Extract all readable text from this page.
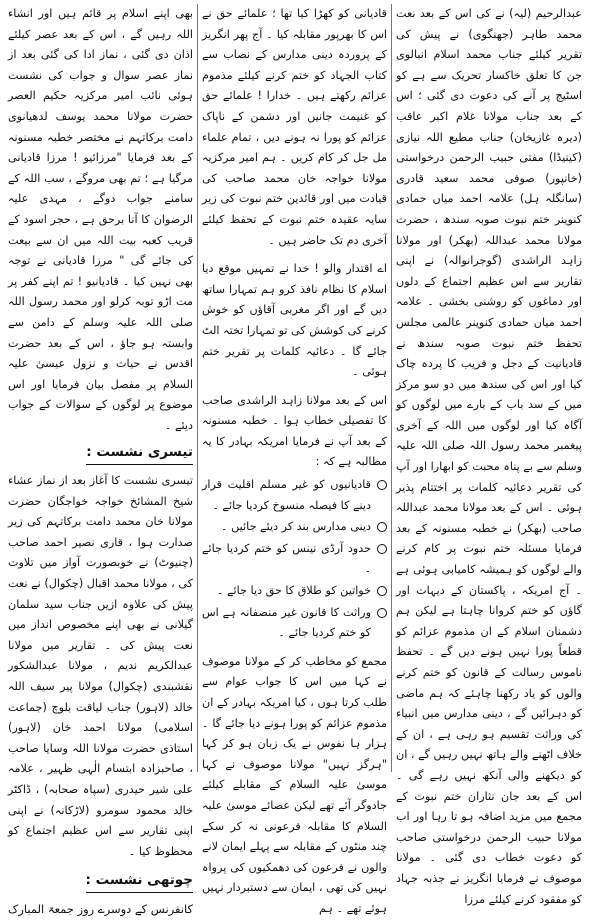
عبدالرحیم (لیہ) نے کی اس کے بعد نعت محمد طاہر (جھنگوی) نے پیش کی تقریر کیلئے جناب محمد اسلام انبالوی جن کا تعلق خاکسار تحریک سے ہے کو اسٹیج پر آنے کی دعوت دی گئی ؛ اس کے بعد جناب مولانا غلام اکبر عاقب (دیرہ غازیخان) جناب مطیع اللہ نیازی (کینیڈا) مفتی حبیب الرحمن درخواستی (خانپور) صوفی محمد سعید قادری (سانگلہ ہل) علامہ احمد میاں حمادی کنوینر ختم نبوت صوبہ سندھ ، حضرت مولانا محمد عبداللہ (بھکر) اور مولانا زاہد الراشدی (گوجرانوالہ) نے اپنی تقاریر سے اس عظیم اجتماع کے دلوں اور دماغوں کو روشنی بخشی ۔ علامہ احمد میاں حمادی کنوینر عالمی مجلس تحفظ ختم نبوت صوبہ سندھ نے قادیانیت کے دجل و فریب کا پردہ چاک کیا اور اس کی سندھ میں دو سو مرکز میں کے سد باب کے بارے میں لوگوں کو آگاہ کیا اور لوگوں میں اللہ کے آخری پیغمبر محمد رسول اللہ صلی اللہ علیہ وسلم سے بے پناہ محبت کو ابھارا اور آپ کی تقریر دعائیہ کلمات پر اختتام پذیر ہوئی ۔ اس کے بعد مولانا محمد عبداللہ صاحب (بھکر) نے خطبہ مسنونہ کے بعد فرمایا مسئلہ ختم نبوت پر کام کرنے والے لوگوں کو ہمیشہ کامیابی ہوئی ہے ۔ آج امریکہ ، پاکستان کے دیہات اور گاؤں کو ختم کروانا چاہتا ہے لیکن ہم دشمنان اسلام کے ان مذموم عزائم کو قطعاً پورا نہیں ہونے دیں گے ۔ تحفظ ناموس رسالت کے قانون کو ختم کرنے والوں کو یاد رکھنا چاہئے کہ ہم ماضی کو دہرائیں گے ، دینی مدارس میں انبیاء کی وراثت تقسیم ہو رہی ہے ، ان کے خلاف اٹھنے والے ہاتھ نہیں رہیں گے ، ان کو دیکھنے والی آنکھ نہیں رہے گی ۔ اس کے بعد جان نثاران ختم نبوت کے مجمع میں مزید اضافہ ہو تا رہا اور اب مولانا حبیب الرحمن درخواستی صاحب کو دعوت خطاب دی گئی ۔ مولانا موصوف نے فرمایا انگریز نے جذبہ جہاد کو مفقود کرنے کیلئے مرزا

قادیانی کو کھڑا کیا تھا ؛ علمائے حق نے اس کا بھرپور مقابلہ کیا ۔ آج پھر انگریز کے پروردہ دینی مدارس کے نصاب سے کتاب الجہاد کو ختم کرنے کیلئے مذموم عزائم رکھتے ہیں ۔ خدارا ! علمائے حق کو غنیمت جانیں اور دشمن کے ناپاک عزائم کو پورا نہ ہونے دیں ، تمام علماء مل جل کر کام کریں ۔ ہم امیر مرکزیہ مولانا خواجہ خان محمد صاحب کی قیادت میں اور قائدین ختم نبوت کی زیر سایہ عقیدہ ختم نبوت کے تحفظ کیلئے آخری دم تک حاضر ہیں ۔

اے اقتدار والو ! خدا نے تمہیں موقع دیا اسلام کا نظام نافذ کرو ہم تمہارا ساتھ دیں گے اور اگر مغربی آقاؤں کو خوش کرنے کی کوشش کی تو تمہارا تختہ الٹ جائے گا ۔ دعائیہ کلمات پر تقریر ختم ہوئی ۔

اس کے بعد مولانا زاہد الراشدی صاحب کا تفصیلی خطاب ہوا ۔ خطبہ مسنونہ کے بعد آپ نے فرمایا امریکہ بہادر کا یہ مطالبہ ہے کہ :

قادیانیوں کو غیر مسلم اقلیت قرار دینے کا فیصلہ منسوخ کردیا جائے ۔
دینی مدارس بند کر دیئے جائیں ۔
حدود آرڈی نینس کو ختم کردیا جائے ۔
خواتین کو طلاق کا حق دیا جائے ۔
وراثت کا قانون غیر منصفانہ ہے اس کو ختم کردیا جائے ۔

مجمع کو مخاطب کر کے مولانا موصوف نے کہا میں اس کا جواب عوام سے طلب کرتا ہوں ، کیا امریکہ بہادر کے ان مذموم عزائم کو پورا ہونے دیا جائے گا ۔ ہزار ہا نفوس نے یک زبان ہو کر کہا "ہرگز نہیں" مولانا موصوف نے کہا موسیٰ علیہ السلام کے مقابلے کیلئے جادوگر آئے تھے لیکن عصائے موسیٰ علیہ السلام کا مقابلہ فرعونی نہ کر سکے چند منٹوں کے مقابلہ سے پہلے ایمان لانے والوں نے فرعون کی دھمکیوں کی پرواہ نہیں کی تھی ، ایمان سے دستبردار نہیں ہوئے تھے ۔ ہم

بھی اپنے اسلام پر قائم ہیں اور انشاء اللہ رہیں گے ، اس کے بعد عصر کیلئے اذان دی گئی ، نماز ادا کی گئی بعد از نماز عصر سوال و جواب کی نشست ہوئی نائب امیر مرکزیہ حکیم العصر حضرت مولانا محمد یوسف لدھیانوی دامت برکاتہم نے مختصر خطبہ مسنونہ کے بعد فرمایا "مرزائیو ! مرزا قادیانی مرگیا ہے ؛ تم بھی مروگے ، سب اللہ کے سامنے جواب دوگے ، مہدی علیہ الرضوان کا آنا برحق ہے ، حجر اسود کے قریب کعبہ بیت اللہ میں ان سے بیعت کی جائے گی " مرزا قادیانی نے توجہ بھی نہیں کیا ۔ قادیانیو ! تم اپنے کفر پر مت اڑو توبہ کرلو اور محمد رسول اللہ صلی اللہ علیہ وسلم کے دامن سے وابستہ ہو جاؤ ، اس کے بعد حضرت اقدس نے حیات و نزول عیسیٰ علیہ السلام پر مفصل بیان فرمایا اور اس موضوع پر لوگوں کے سوالات کے جواب دیئے ۔

تیسری نشست :

تیسری نشست کا آغاز بعد از نماز عشاء شیخ المشائخ خواجہ خواجگان حضرت مولانا خان محمد دامت برکاتہم کی زیر صدارت ہوا ، قاری نصیر احمد صاحب (چنیوٹ) نے خوبصورت آواز میں تلاوت کی ، مولانا محمد اقبال (چکوال) نے نعت پیش کی علاوہ ازیں جناب سید سلمان گیلانی نے بھی اپنے مخصوص انداز میں نعت پیش کی ۔ تقاریر میں مولانا عبدالکریم ندیم ، مولانا عبدالشکور نقشبندی (چکوال) مولانا پیر سیف اللہ خالد (لاہور) جناب لیاقت بلوچ (جماعت اسلامی) مولانا احمد خان (لاہور) استاذی حضرت مولانا اللہ وسایا صاحب ، صاحبزادہ ابتسام الٰہی ظہیر ، علامہ علی شیر حیدری (سپاہ صحابہ) ، ڈاکٹر خالد محمود سومرو (لاڑکانہ) نے اپنی اپنی تقاریر سے اس عظیم اجتماع کو محظوظ کیا ۔

چوتھی نشست :

کانفرنس کے دوسرے روز جمعۃ المبارک
